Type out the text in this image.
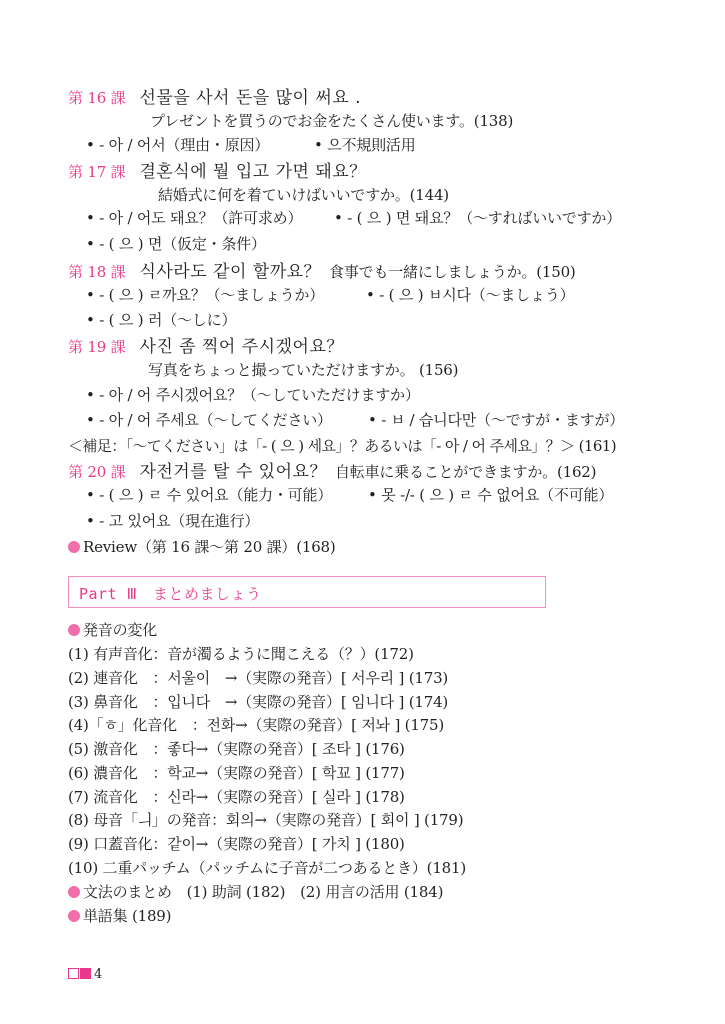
第 16 課 선물을 사서 돈을 많이 써요 .
プレゼントを買うのでお金をたくさん使います。(138)
• - 아 / 어서（理由・原因）	• 으不規則活用
第 17 課 결혼식에 뭘 입고 가면 돼요？
結婚式に何を着ていけばいいですか。(144)
• - 아 / 어도 돼요？（許可求め） • - ( 으 ) 면 돼요？（〜すればいいですか）
• - ( 으 ) 면（仮定・条件）
第 18 課 식사라도 같이 할까요？ 食事でも一緒にしましょうか。(150)
• - ( 으 ) ㄹ까요？（〜ましょうか）	• - ( 으 ) ㅂ시다（〜ましょう）
• - ( 으 ) 러（〜しに）
第 19 課 사진 좀 찍어 주시겠어요？
写真をちょっと撮っていただけますか。 (156)
• - 아 / 어 주시겠어요？（〜していただけますか）
• - 아 / 어 주세요（〜してください） • - ㅂ / 습니다만（〜ですが・ますが）
＜補足：「〜てください」は「- ( 으 ) 세요」？あるいは「- 아 / 어 주세요」？＞ (161)
第 20 課 자전거를 탈 수 있어요？ 自転車に乗ることができますか。(162)
• - ( 으 ) ㄹ 수 있어요（能力・可能） • 못 -/- ( 으 ) ㄹ 수 없어요（不可能）
• - 고 있어요（現在進行）
Review（第 16 課〜第 20 課）(168)
Part Ⅲ　まとめましょう
発音の変化
(1) 有声音化：音が濁るように聞こえる（？）(172)
(2) 連音化　：서울이　→（実際の発音）[ 서우리 ] (173)
(3) 鼻音化　：입니다　→（実際の発音）[ 임니다 ] (174)
(4)「ㅎ」化音化　：전화→（実際の発音）[ 저놔 ] (175)
(5) 激音化　：좋다→（実際の発音）[ 조타 ] (176)
(6) 濃音化　：학교→（実際の発音）[ 학꾜 ] (177)
(7) 流音化　：신라→（実際の発音）[ 실라 ] (178)
(8) 母音「ㅢ」の発音：회의→（実際の発音）[ 회이 ] (179)
(9) 口蓋音化：같이→（実際の発音）[ 가치 ] (180)
(10) 二重パッチム（パッチムに子音が二つあるとき）(181)
文法のまとめ　(1) 助詞 (182)　(2) 用言の活用 (184)
単語集 (189)
4
